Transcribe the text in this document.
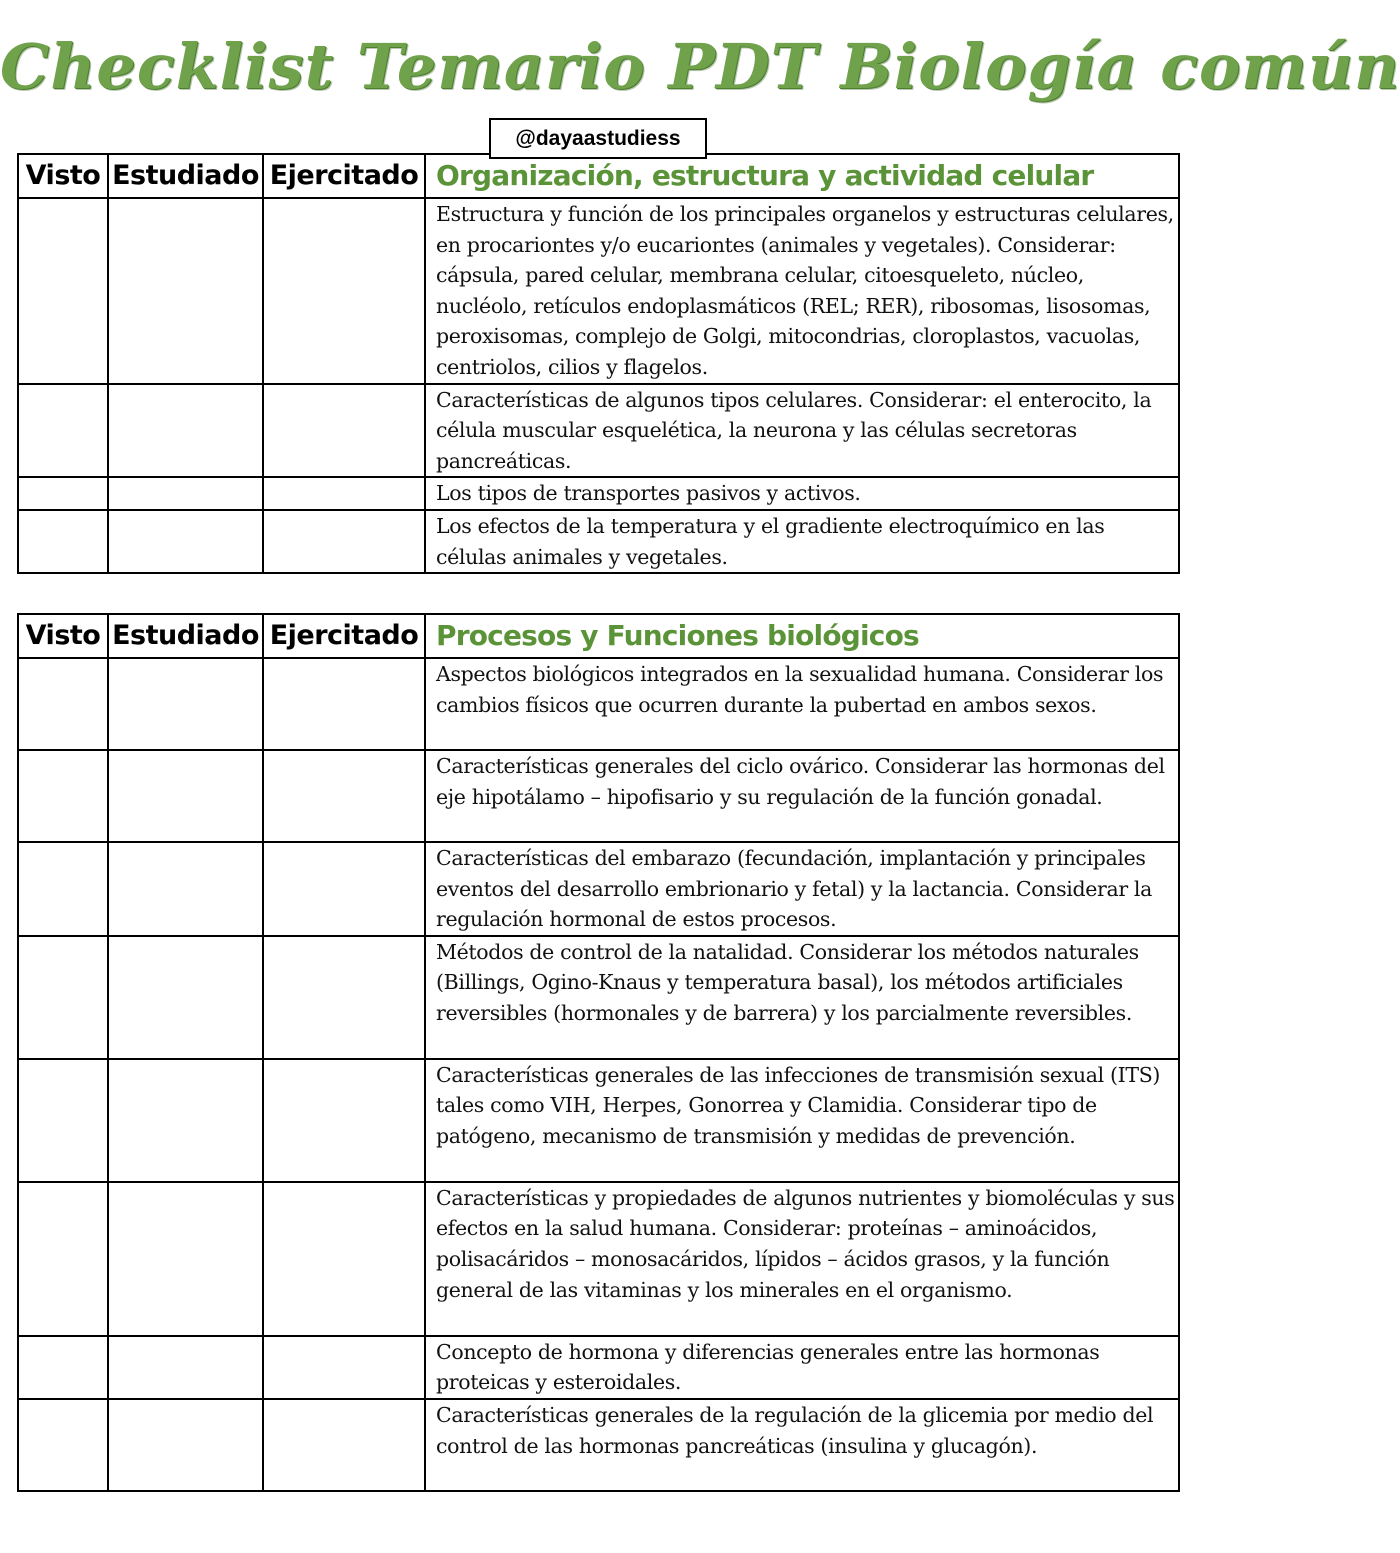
Checklist Temario PDT Biología común
@dayaastudiess
Visto	Estudiado	Ejercitado	Organización, estructura y actividad celular
			Estructura y función de los principales organelos y estructuras celulares, en procariontes y/o eucariontes (animales y vegetales). Considerar: cápsula, pared celular, membrana celular, citoesqueleto, núcleo, nucléolo, retículos endoplasmáticos (REL; RER), ribosomas, lisosomas, peroxisomas, complejo de Golgi, mitocondrias, cloroplastos, vacuolas, centriolos, cilios y flagelos.
			Características de algunos tipos celulares. Considerar: el enterocito, la célula muscular esquelética, la neurona y las células secretoras pancreáticas.
			Los tipos de transportes pasivos y activos.
			Los efectos de la temperatura y el gradiente electroquímico en las células animales y vegetales.
Visto	Estudiado	Ejercitado	Procesos y Funciones biológicos
			Aspectos biológicos integrados en la sexualidad humana. Considerar los cambios físicos que ocurren durante la pubertad en ambos sexos.
			Características generales del ciclo ovárico. Considerar las hormonas del eje hipotálamo – hipofisario y su regulación de la función gonadal.
			Características del embarazo (fecundación, implantación y principales eventos del desarrollo embrionario y fetal) y la lactancia. Considerar la regulación hormonal de estos procesos.
			Métodos de control de la natalidad. Considerar los métodos naturales (Billings, Ogino-Knaus y temperatura basal), los métodos artificiales reversibles (hormonales y de barrera) y los parcialmente reversibles.
			Características generales de las infecciones de transmisión sexual (ITS) tales como VIH, Herpes, Gonorrea y Clamidia. Considerar tipo de patógeno, mecanismo de transmisión y medidas de prevención.
			Características y propiedades de algunos nutrientes y biomoléculas y sus efectos en la salud humana. Considerar: proteínas – aminoácidos, polisacáridos – monosacáridos, lípidos – ácidos grasos, y la función general de las vitaminas y los minerales en el organismo.
			Concepto de hormona y diferencias generales entre las hormonas proteicas y esteroidales.
			Características generales de la regulación de la glicemia por medio del control de las hormonas pancreáticas (insulina y glucagón).
